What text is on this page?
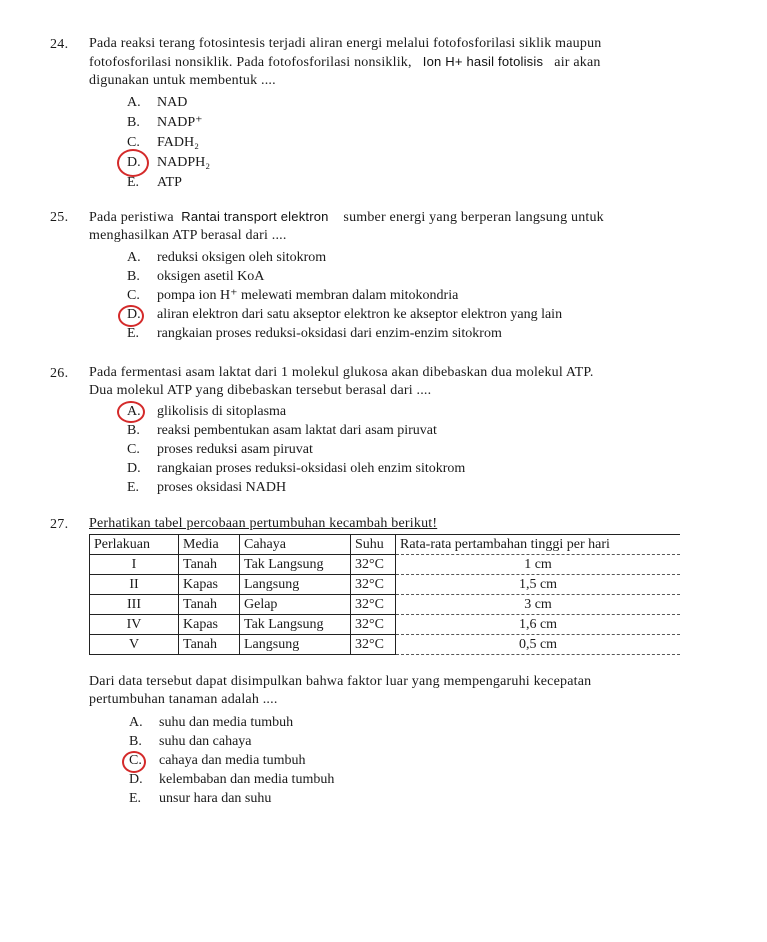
24. Pada reaksi terang fotosintesis terjadi aliran energi melalui fotofosforilasi siklik maupun
fotofosforilasi nonsiklik. Pada fotofosforilasi nonsiklik, Ion H+ hasil fotolisis air akan
digunakan untuk membentuk ....
A. NAD
B. NADP⁺
C. FADH₂
D. NADPH₂
E. ATP
25. Pada peristiwa Rantai transport elektron sumber energi yang berperan langsung untuk
menghasilkan ATP berasal dari ....
A. reduksi oksigen oleh sitokrom
B. oksigen asetil KoA
C. pompa ion H⁺ melewati membran dalam mitokondria
D. aliran elektron dari satu akseptor elektron ke akseptor elektron yang lain
E. rangkaian proses reduksi-oksidasi dari enzim-enzim sitokrom
26. Pada fermentasi asam laktat dari 1 molekul glukosa akan dibebaskan dua molekul ATP.
Dua molekul ATP yang dibebaskan tersebut berasal dari ....
A. glikolisis di sitoplasma
B. reaksi pembentukan asam laktat dari asam piruvat
C. proses reduksi asam piruvat
D. rangkaian proses reduksi-oksidasi oleh enzim sitokrom
E. proses oksidasi NADH
27. Perhatikan tabel percobaan pertumbuhan kecambah berikut!
Perlakuan	Media	Cahaya	Suhu	Rata-rata pertambahan tinggi per hari
I	Tanah	Tak Langsung	32°C	1 cm
II	Kapas	Langsung	32°C	1,5 cm
III	Tanah	Gelap	32°C	3 cm
IV	Kapas	Tak Langsung	32°C	1,6 cm
V	Tanah	Langsung	32°C	0,5 cm
Dari data tersebut dapat disimpulkan bahwa faktor luar yang mempengaruhi kecepatan
pertumbuhan tanaman adalah ....
A. suhu dan media tumbuh
B. suhu dan cahaya
C. cahaya dan media tumbuh
D. kelembaban dan media tumbuh
E. unsur hara dan suhu
